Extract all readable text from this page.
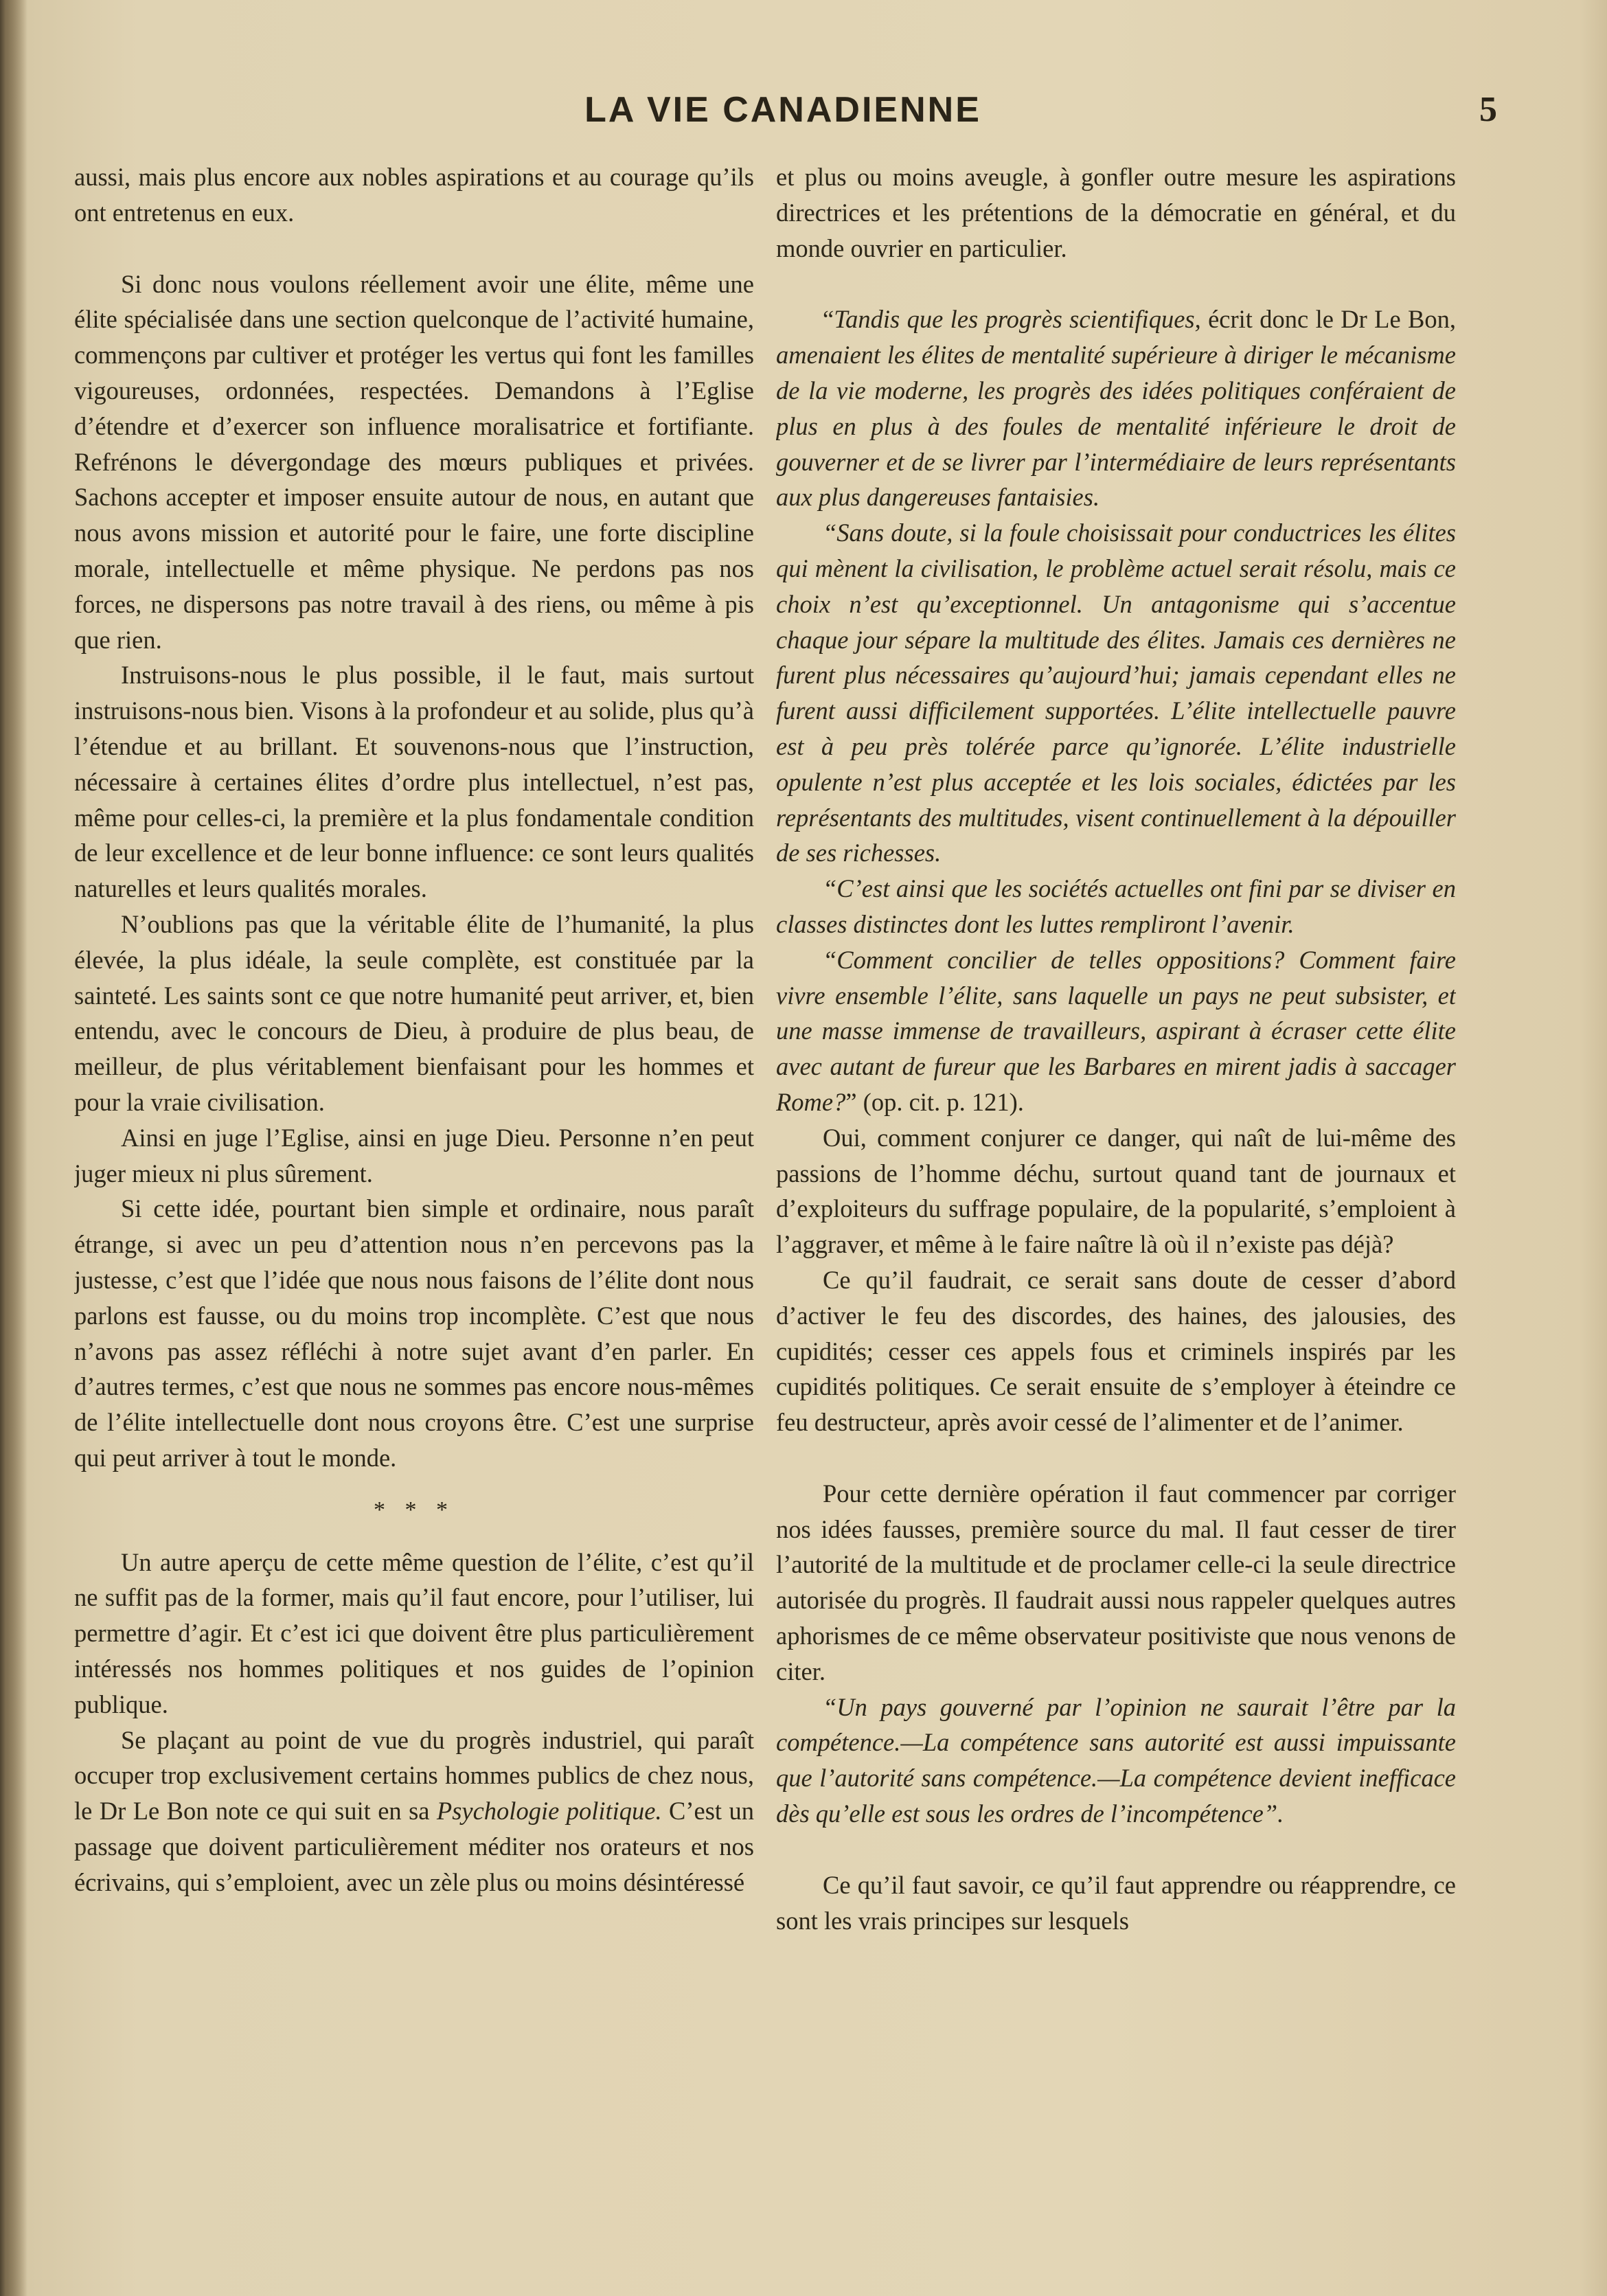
LA VIE CANADIENNE	5

aussi, mais plus encore aux nobles aspirations et au courage qu’ils ont entretenus en eux.

Si donc nous voulons réellement avoir une élite, même une élite spécialisée dans une section quelconque de l’activité humaine, commençons par cultiver et protéger les vertus qui font les familles vigoureuses, ordonnées, respectées. Demandons à l’Eglise d’étendre et d’exercer son influence moralisatrice et fortifiante. Refrénons le dévergondage des mœurs publiques et privées. Sachons accepter et imposer ensuite autour de nous, en autant que nous avons mission et autorité pour le faire, une forte discipline morale, intellectuelle et même physique. Ne perdons pas nos forces, ne dispersons pas notre travail à des riens, ou même à pis que rien.

Instruisons-nous le plus possible, il le faut, mais surtout instruisons-nous bien. Visons à la profondeur et au solide, plus qu’à l’étendue et au brillant. Et souvenons-nous que l’instruction, nécessaire à certaines élites d’ordre plus intellectuel, n’est pas, même pour celles-ci, la première et la plus fondamentale condition de leur excellence et de leur bonne influence: ce sont leurs qualités naturelles et leurs qualités morales.

N’oublions pas que la véritable élite de l’humanité, la plus élevée, la plus idéale, la seule complète, est constituée par la sainteté. Les saints sont ce que notre humanité peut arriver, et, bien entendu, avec le concours de Dieu, à produire de plus beau, de meilleur, de plus véritablement bienfaisant pour les hommes et pour la vraie civilisation.

Ainsi en juge l’Eglise, ainsi en juge Dieu. Personne n’en peut juger mieux ni plus sûrement.

Si cette idée, pourtant bien simple et ordinaire, nous paraît étrange, si avec un peu d’attention nous n’en percevons pas la justesse, c’est que l’idée que nous nous faisons de l’élite dont nous parlons est fausse, ou du moins trop incomplète. C’est que nous n’avons pas assez réfléchi à notre sujet avant d’en parler. En d’autres termes, c’est que nous ne sommes pas encore nous-mêmes de l’élite intellectuelle dont nous croyons être. C’est une surprise qui peut arriver à tout le monde.

* * *

Un autre aperçu de cette même question de l’élite, c’est qu’il ne suffit pas de la former, mais qu’il faut encore, pour l’utiliser, lui permettre d’agir. Et c’est ici que doivent être plus particulièrement intéressés nos hommes politiques et nos guides de l’opinion publique.

Se plaçant au point de vue du progrès industriel, qui paraît occuper trop exclusivement certains hommes publics de chez nous, le Dr Le Bon note ce qui suit en sa Psychologie politique. C’est un passage que doivent particulièrement méditer nos orateurs et nos écrivains, qui s’emploient, avec un zèle plus ou moins désintéressé

et plus ou moins aveugle, à gonfler outre mesure les aspirations directrices et les prétentions de la démocratie en général, et du monde ouvrier en particulier.

“Tandis que les progrès scientifiques, écrit donc le Dr Le Bon, amenaient les élites de mentalité supérieure à diriger le mécanisme de la vie moderne, les progrès des idées politiques conféraient de plus en plus à des foules de mentalité inférieure le droit de gouverner et de se livrer par l’intermédiaire de leurs représentants aux plus dangereuses fantaisies.

“Sans doute, si la foule choisissait pour conductrices les élites qui mènent la civilisation, le problème actuel serait résolu, mais ce choix n’est qu’exceptionnel. Un antagonisme qui s’accentue chaque jour sépare la multitude des élites. Jamais ces dernières ne furent plus nécessaires qu’aujourd’hui; jamais cependant elles ne furent aussi difficilement supportées. L’élite intellectuelle pauvre est à peu près tolérée parce qu’ignorée. L’élite industrielle opulente n’est plus acceptée et les lois sociales, édictées par les représentants des multitudes, visent continuellement à la dépouiller de ses richesses.

“C’est ainsi que les sociétés actuelles ont fini par se diviser en classes distinctes dont les luttes rempliront l’avenir.

“Comment concilier de telles oppositions? Comment faire vivre ensemble l’élite, sans laquelle un pays ne peut subsister, et une masse immense de travailleurs, aspirant à écraser cette élite avec autant de fureur que les Barbares en mirent jadis à saccager Rome?” (op. cit. p. 121).

Oui, comment conjurer ce danger, qui naît de lui-même des passions de l’homme déchu, surtout quand tant de journaux et d’exploiteurs du suffrage populaire, de la popularité, s’emploient à l’aggraver, et même à le faire naître là où il n’existe pas déjà?

Ce qu’il faudrait, ce serait sans doute de cesser d’abord d’activer le feu des discordes, des haines, des jalousies, des cupidités; cesser ces appels fous et criminels inspirés par les cupidités politiques. Ce serait ensuite de s’employer à éteindre ce feu destructeur, après avoir cessé de l’alimenter et de l’animer.

Pour cette dernière opération il faut commencer par corriger nos idées fausses, première source du mal. Il faut cesser de tirer l’autorité de la multitude et de proclamer celle-ci la seule directrice autorisée du progrès. Il faudrait aussi nous rappeler quelques autres aphorismes de ce même observateur positiviste que nous venons de citer.

“Un pays gouverné par l’opinion ne saurait l’être par la compétence.—La compétence sans autorité est aussi impuissante que l’autorité sans compétence.—La compétence devient inefficace dès qu’elle est sous les ordres de l’incompétence”.

Ce qu’il faut savoir, ce qu’il faut apprendre ou réapprendre, ce sont les vrais principes sur lesquels
